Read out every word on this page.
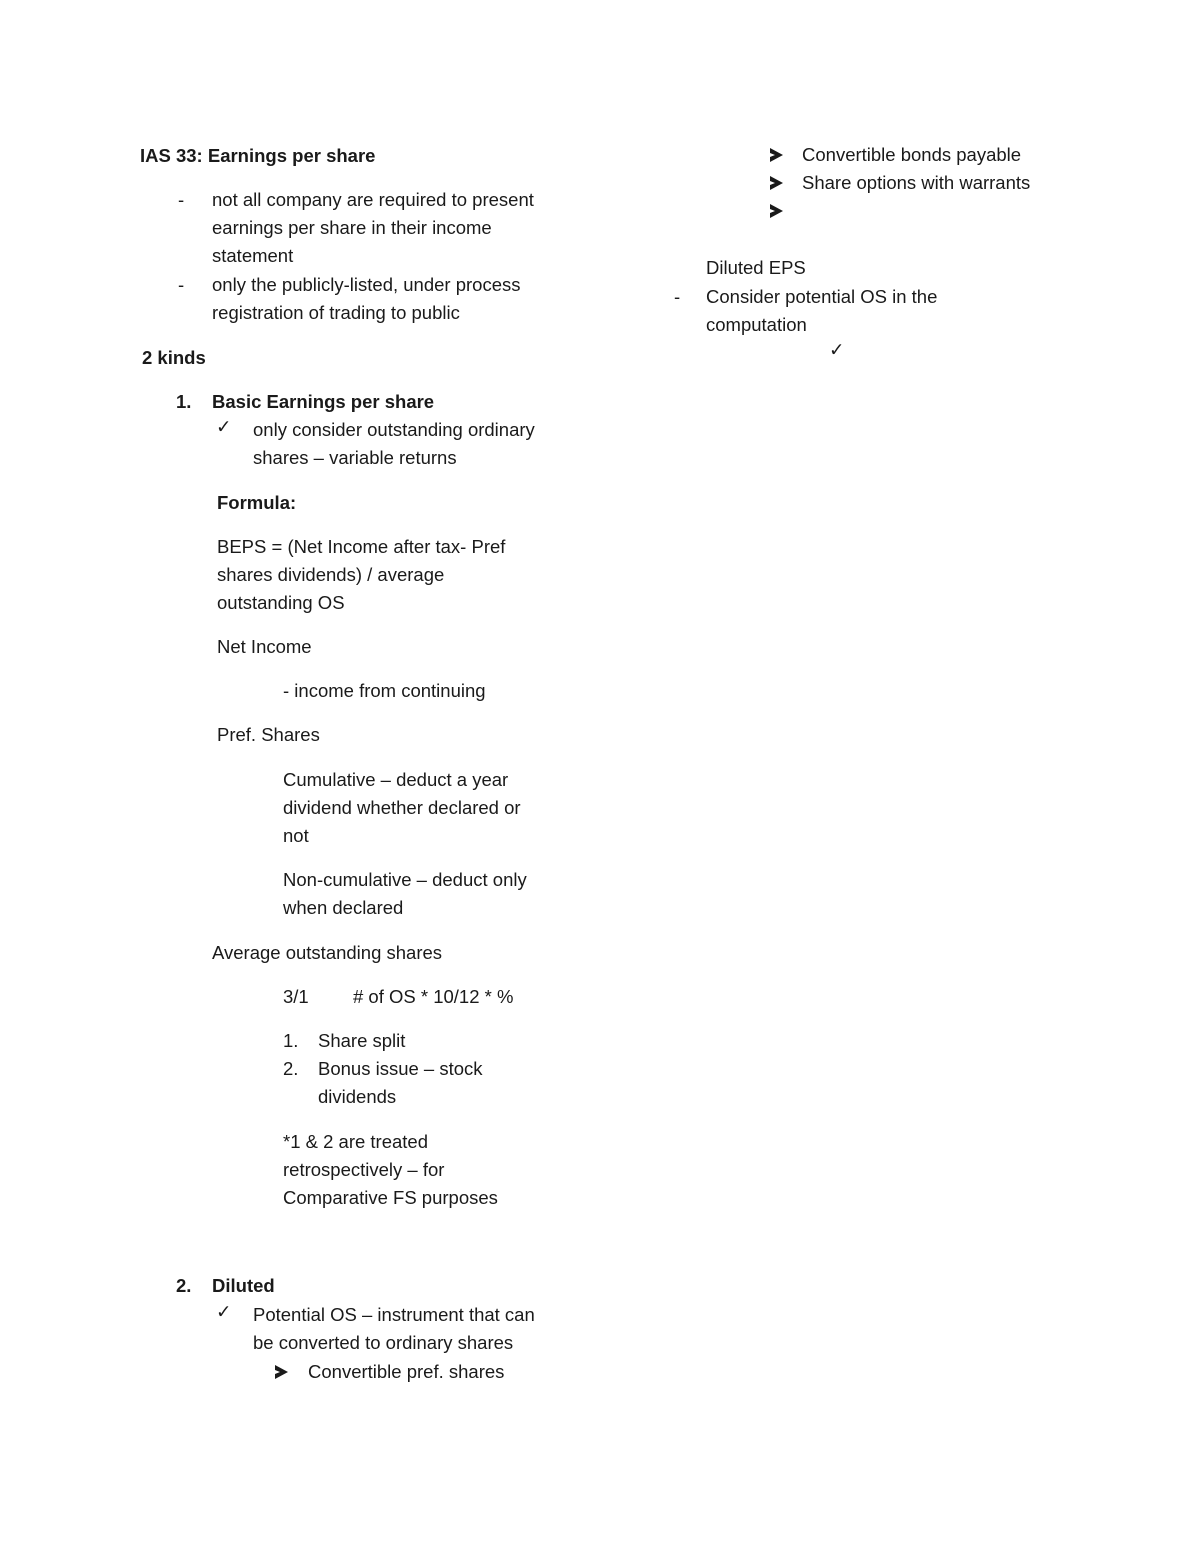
IAS 33: Earnings per share
- not all company are required to present
earnings per share in their income
statement
- only the publicly-listed, under process
registration of trading to public
2 kinds
1. Basic Earnings per share
✓ only consider outstanding ordinary
shares – variable returns
Formula:
BEPS = (Net Income after tax- Pref
shares dividends) / average
outstanding OS
Net Income
- income from continuing
Pref. Shares
Cumulative – deduct a year
dividend whether declared or
not
Non-cumulative – deduct only
when declared
Average outstanding shares
3/1 # of OS * 10/12 * %
1. Share split
2. Bonus issue – stock
dividends
*1 & 2 are treated
retrospectively – for
Comparative FS purposes
2. Diluted
✓ Potential OS – instrument that can
be converted to ordinary shares
Convertible pref. shares
Convertible bonds payable
Share options with warrants
Diluted EPS
- Consider potential OS in the
computation
✓
